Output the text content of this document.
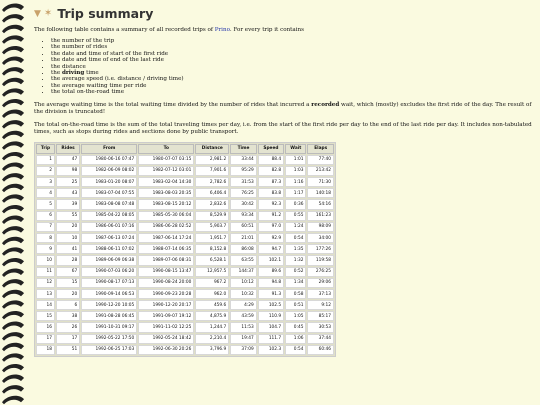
▼ ✶ Trip summary

The following table contains a summary of all recorded trips of Prino. For every trip it contains

• the number of the trip
• the number of rides
• the date and time of start of the first ride
• the date and time of end of the last ride
• the distance
• the driving time
• the average speed (i.e. distance / driving time)
• the average waiting time per ride
• the total on-the-road time

The average waiting time is the total waiting time divided by the number of rides that incurred a recorded wait, which (mostly) excludes the first ride of the day. The result of the division is truncated!

The total on-the-road time is the sum of the total traveling times per day, i.e. from the start of the first ride per day to the end of the last ride per day. It includes non-tabulated times, such as stops during rides and sections done by public transport.

Trip	Rides	From	To	Distance	Time	Speed	Wait	Elaps
1	47	1980-06-16 07:47	1980-07-07 03:15	2,981.2	33:44	88.4	1:01	77:40
2	98	1982-06-09 08:02	1982-07-12 03:01	7,901.6	95:29	82.8	1:03	213:42
3	25	1983-01-20 08:07	1983-02-04 14:30	2,782.6	31:53	87.3	1:16	71:30
4	43	1983-07-04 07:55	1983-08-03 20:35	6,406.4	76:25	83.8	1:17	140:18
5	39	1983-08-08 07:48	1983-08-15 20:12	2,832.6	30:42	92.3	0:36	54:16
6	55	1985-04-22 08:05	1985-05-30 06:04	8,529.9	93:34	91.2	0:55	161:23
7	20	1986-06-01 07:16	1986-06-28 02:52	5,903.7	60:51	97.0	1:24	98:09
8	10	1987-06-13 07:24	1987-06-14 17:24	1,951.7	21:01	92.9	0:54	34:00
9	41	1988-06-11 07:02	1988-07-14 06:35	8,152.8	86:08	94.7	1:35	177:26
10	28	1989-06-09 06:38	1989-07-06 08:31	6,528.1	63:55	102.1	1:32	119:58
11	67	1990-07-03 06:20	1990-08-15 13:47	12,957.5	144:37	89.6	0:52	276:25
12	15	1990-08-17 07:13	1990-08-24 20:00	967.2	10:12	94.8	1:34	29:06
13	20	1990-09-14 06:53	1990-09-23 20:28	962.0	10:32	91.3	0:58	37:13
14	6	1990-12-20 10:05	1990-12-20 20:17	459.6	4:29	102.5	0:51	9:12
15	38	1991-08-28 06:45	1991-09-07 19:12	4,875.9	43:59	110.9	1:05	85:17
16	26	1991-10-31 09:17	1991-11-02 12:25	1,244.7	11:53	104.7	0:45	30:53
17	17	1992-05-22 17:50	1992-05-24 18:42	2,210.4	19:47	111.7	1:06	37:44
18	51	1992-06-25 17:03	1992-06-30 20:26	3,796.9	37:09	102.3	0:54	60:46
